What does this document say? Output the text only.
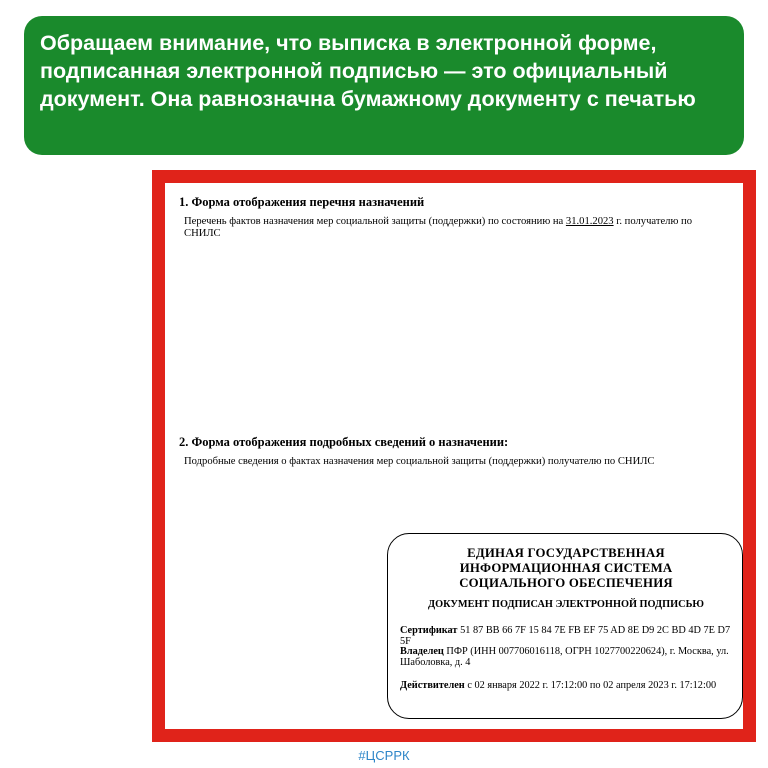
Обращаем внимание, что выписка в электронной форме, подписанная электронной подписью — это официальный документ. Она равнозначна бумажному документу с печатью

1. Форма отображения перечня назначений

Перечень фактов назначения мер социальной защиты (поддержки) по состоянию на 31.01.2023 г. получателю по СНИЛС

2. Форма отображения подробных сведений о назначении:

Подробные сведения о фактах назначения мер социальной защиты (поддержки) получателю по СНИЛС

ЕДИНАЯ ГОСУДАРСТВЕННАЯ

ИНФОРМАЦИОННАЯ СИСТЕМА

СОЦИАЛЬНОГО ОБЕСПЕЧЕНИЯ

ДОКУМЕНТ ПОДПИСАН ЭЛЕКТРОННОЙ ПОДПИСЬЮ

Сертификат 51 87 BB 66 7F 15 84 7E FB EF 75 AD 8E D9 2C BD 4D 7E D7 5F

Владелец ПФР (ИНН 007706016118, ОГРН 1027700220624), г. Москва, ул. Шаболовка, д. 4

Действителен с 02 января 2022 г. 17:12:00 по 02 апреля 2023 г. 17:12:00

#ЦСРРК
